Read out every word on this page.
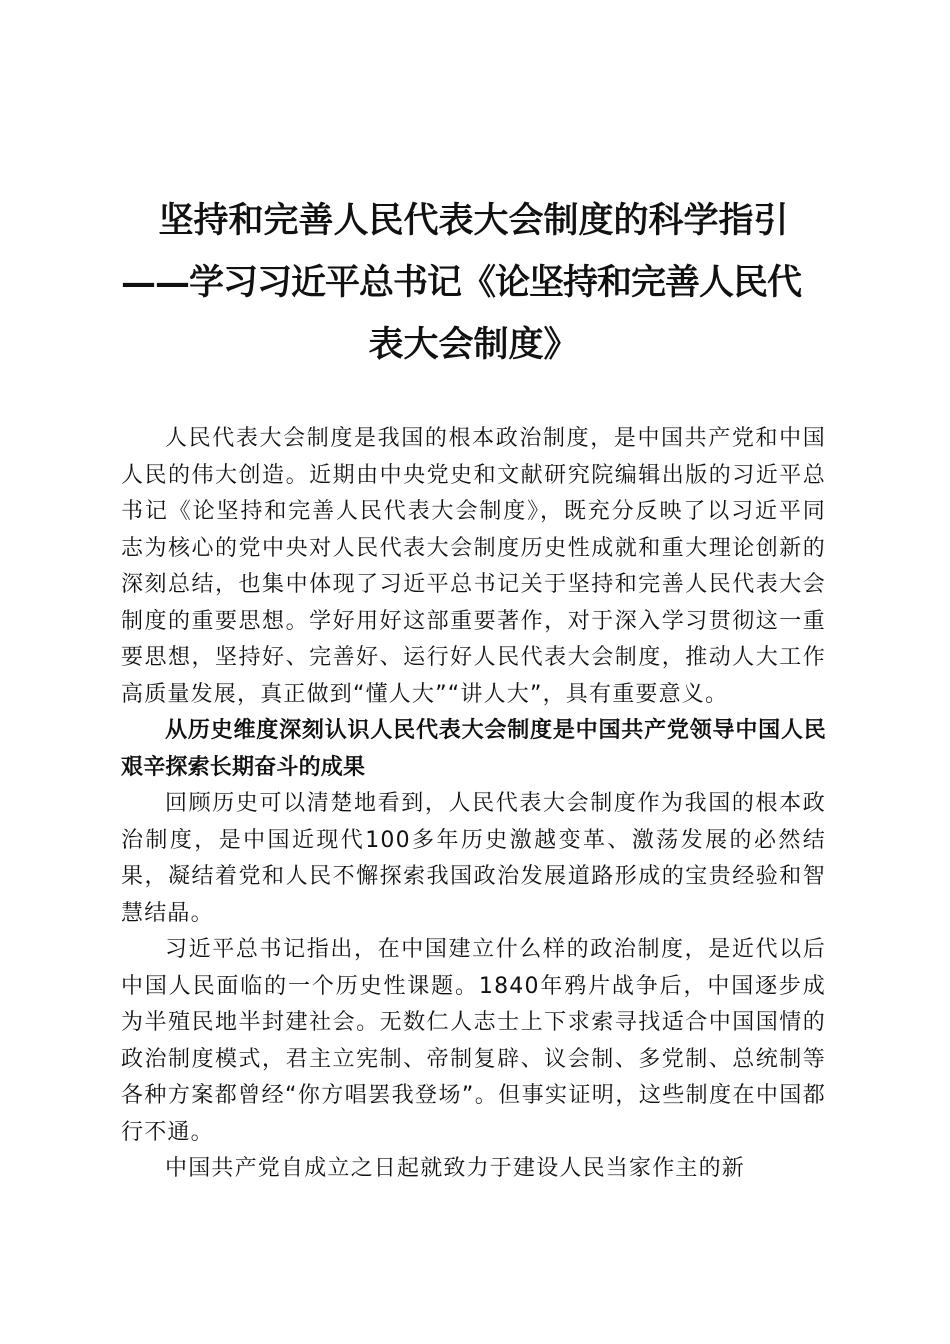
坚持和完善人民代表大会制度的科学指引
——学习习近平总书记《论坚持和完善人民代
表大会制度》

人民代表大会制度是我国的根本政治制度，是中国共产党和中国人民的伟大创造。近期由中央党史和文献研究院编辑出版的习近平总书记《论坚持和完善人民代表大会制度》，既充分反映了以习近平同志为核心的党中央对人民代表大会制度历史性成就和重大理论创新的深刻总结，也集中体现了习近平总书记关于坚持和完善人民代表大会制度的重要思想。学好用好这部重要著作，对于深入学习贯彻这一重要思想，坚持好、完善好、运行好人民代表大会制度，推动人大工作高质量发展，真正做到“懂人大”“讲人大”，具有重要意义。

从历史维度深刻认识人民代表大会制度是中国共产党领导中国人民艰辛探索长期奋斗的成果

回顾历史可以清楚地看到，人民代表大会制度作为我国的根本政治制度，是中国近现代100多年历史激越变革、激荡发展的必然结果，凝结着党和人民不懈探索我国政治发展道路形成的宝贵经验和智慧结晶。

习近平总书记指出，在中国建立什么样的政治制度，是近代以后中国人民面临的一个历史性课题。1840年鸦片战争后，中国逐步成为半殖民地半封建社会。无数仁人志士上下求索寻找适合中国国情的政治制度模式，君主立宪制、帝制复辟、议会制、多党制、总统制等各种方案都曾经“你方唱罢我登场”。但事实证明，这些制度在中国都行不通。

中国共产党自成立之日起就致力于建设人民当家作主的新
